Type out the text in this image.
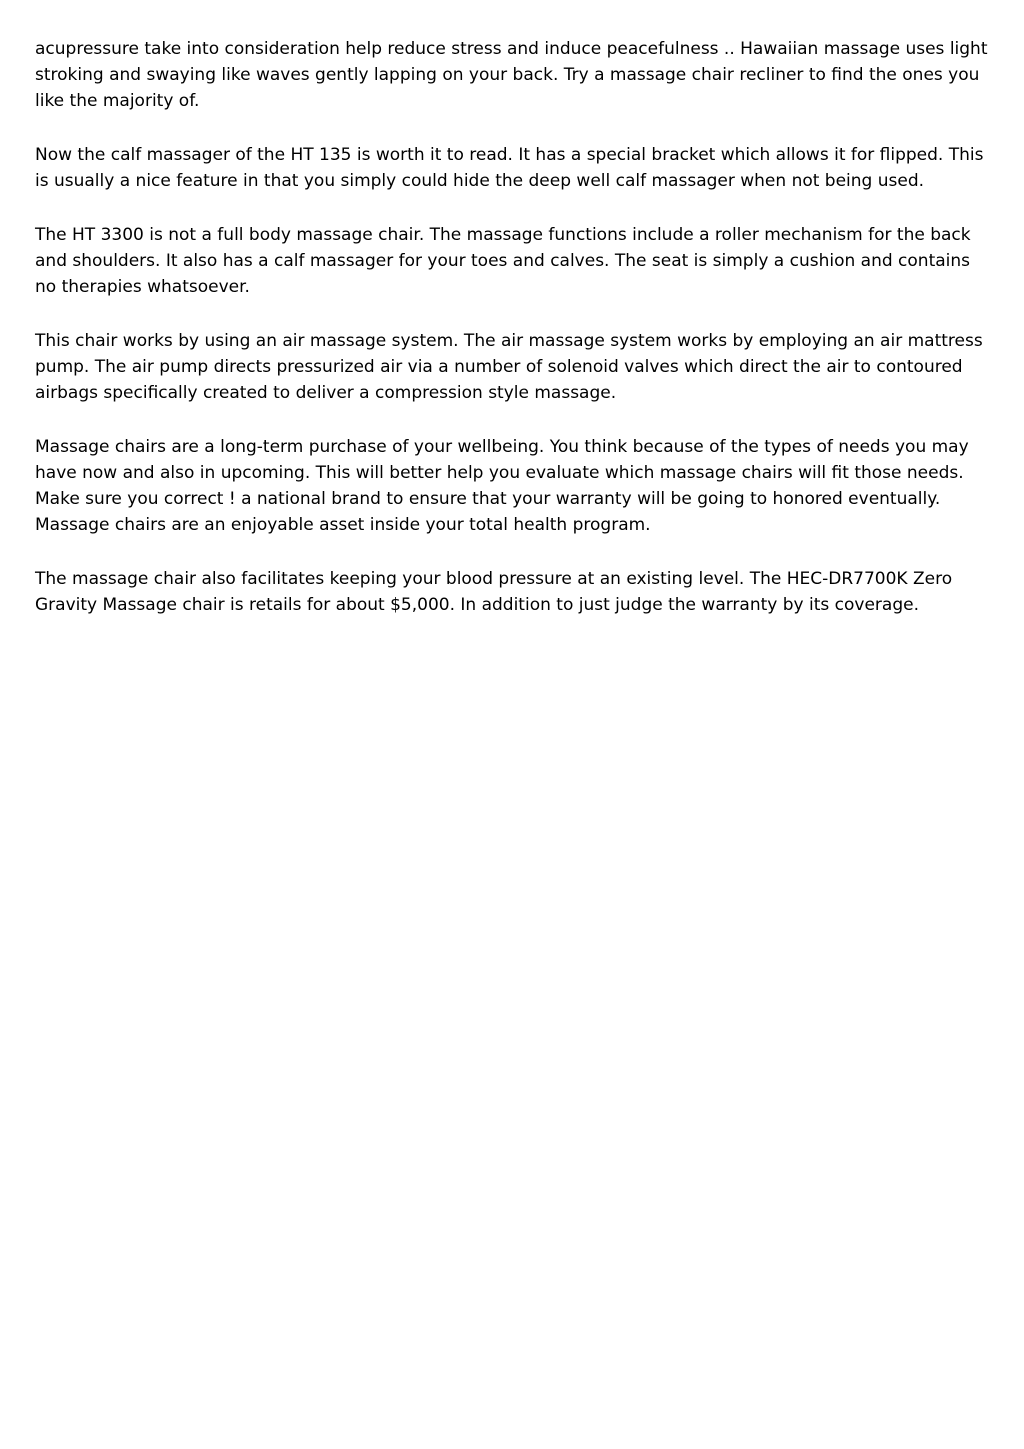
acupressure take into consideration help reduce stress and induce peacefulness .. Hawaiian massage uses light stroking and swaying like waves gently lapping on your back. Try a massage chair recliner to find the ones you like the majority of.

Now the calf massager of the HT 135 is worth it to read. It has a special bracket which allows it for flipped. This is usually a nice feature in that you simply could hide the deep well calf massager when not being used.

The HT 3300 is not a full body massage chair. The massage functions include a roller mechanism for the back and shoulders. It also has a calf massager for your toes and calves. The seat is simply a cushion and contains no therapies whatsoever.

This chair works by using an air massage system. The air massage system works by employing an air mattress pump. The air pump directs pressurized air via a number of solenoid valves which direct the air to contoured airbags specifically created to deliver a compression style massage.

Massage chairs are a long-term purchase of your wellbeing. You think because of the types of needs you may have now and also in upcoming. This will better help you evaluate which massage chairs will fit those needs. Make sure you correct ! a national brand to ensure that your warranty will be going to honored eventually. Massage chairs are an enjoyable asset inside your total health program.

The massage chair also facilitates keeping your blood pressure at an existing level. The HEC-DR7700K Zero Gravity Massage chair is retails for about $5,000. In addition to just judge the warranty by its coverage.
